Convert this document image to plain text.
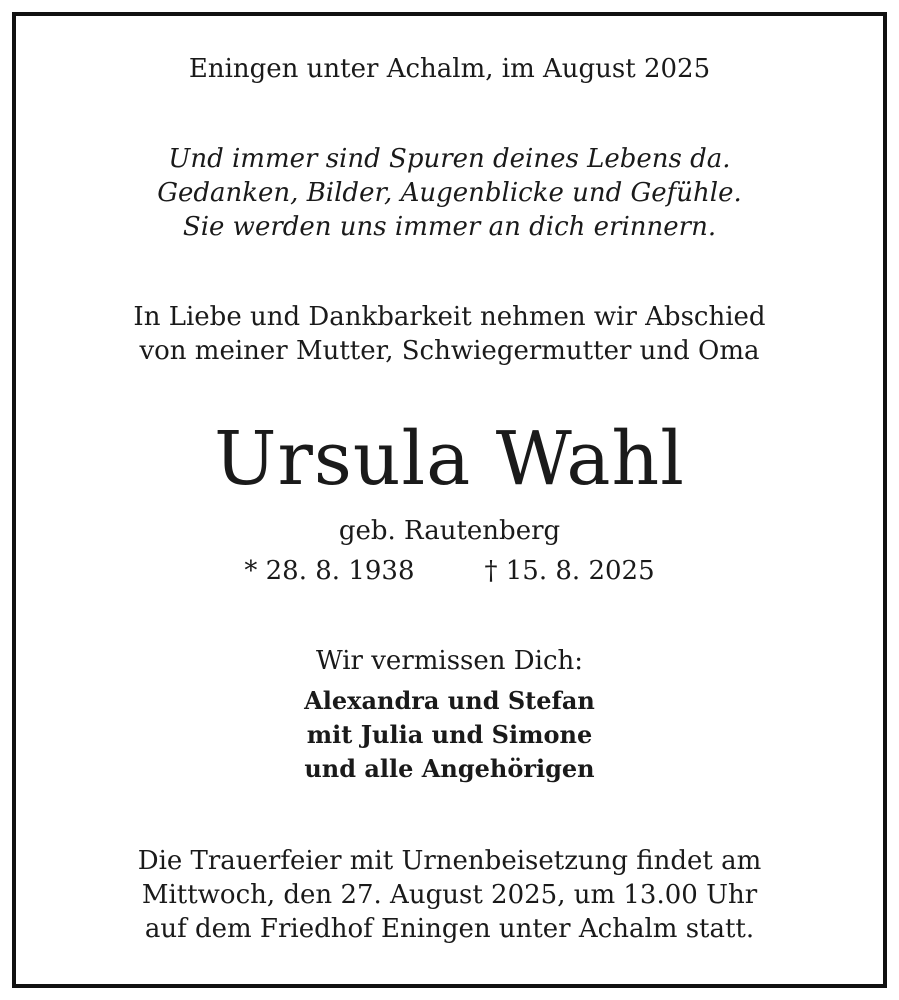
Eningen unter Achalm, im August 2025
Und immer sind Spuren deines Lebens da.
Gedanken, Bilder, Augenblicke und Gefühle.
Sie werden uns immer an dich erinnern.
In Liebe und Dankbarkeit nehmen wir Abschied
von meiner Mutter, Schwiegermutter und Oma
Ursula Wahl
geb. Rautenberg
* 28. 8. 1938	† 15. 8. 2025
Wir vermissen Dich:
Alexandra und Stefan
mit Julia und Simone
und alle Angehörigen
Die Trauerfeier mit Urnenbeisetzung findet am
Mittwoch, den 27. August 2025, um 13.00 Uhr
auf dem Friedhof Eningen unter Achalm statt.
